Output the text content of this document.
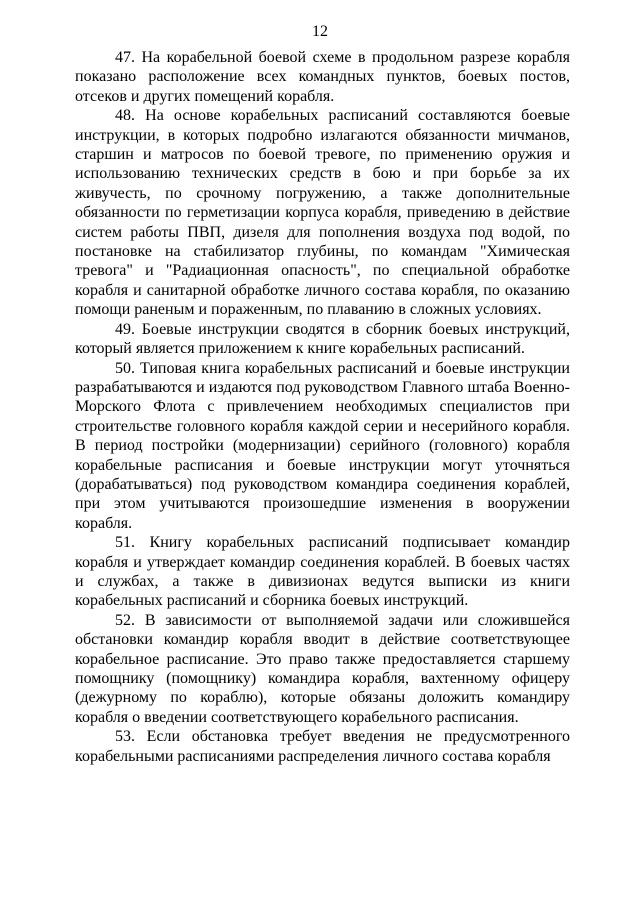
12

47. На корабельной боевой схеме в продольном разрезе корабля показано расположение всех командных пунктов, боевых постов, отсеков и других помещений корабля.

48. На основе корабельных расписаний составляются боевые инструкции, в которых подробно излагаются обязанности мичманов, старшин и матросов по боевой тревоге, по применению оружия и использованию технических средств в бою и при борьбе за их живучесть, по срочному погружению, а также дополнительные обязанности по герметизации корпуса корабля, приведению в действие систем работы ПВП, дизеля для пополнения воздуха под водой, по постановке на стабилизатор глубины, по командам "Химическая тревога" и "Радиационная опасность", по специальной обработке корабля и санитарной обработке личного состава корабля, по оказанию помощи раненым и пораженным, по плаванию в сложных условиях.

49. Боевые инструкции сводятся в сборник боевых инструкций, который является приложением к книге корабельных расписаний.

50. Типовая книга корабельных расписаний и боевые инструкции разрабатываются и издаются под руководством Главного штаба Военно-Морского Флота с привлечением необходимых специалистов при строительстве головного корабля каждой серии и несерийного корабля. В период постройки (модернизации) серийного (головного) корабля корабельные расписания и боевые инструкции могут уточняться (дорабатываться) под руководством командира соединения кораблей, при этом учитываются произошедшие изменения в вооружении корабля.

51. Книгу корабельных расписаний подписывает командир корабля и утверждает командир соединения кораблей. В боевых частях и службах, а также в дивизионах ведутся выписки из книги корабельных расписаний и сборника боевых инструкций.

52. В зависимости от выполняемой задачи или сложившейся обстановки командир корабля вводит в действие соответствующее корабельное расписание. Это право также предоставляется старшему помощнику (помощнику) командира корабля, вахтенному офицеру (дежурному по кораблю), которые обязаны доложить командиру корабля о введении соответствующего корабельного расписания.

53. Если обстановка требует введения не предусмотренного корабельными расписаниями распределения личного состава корабля
